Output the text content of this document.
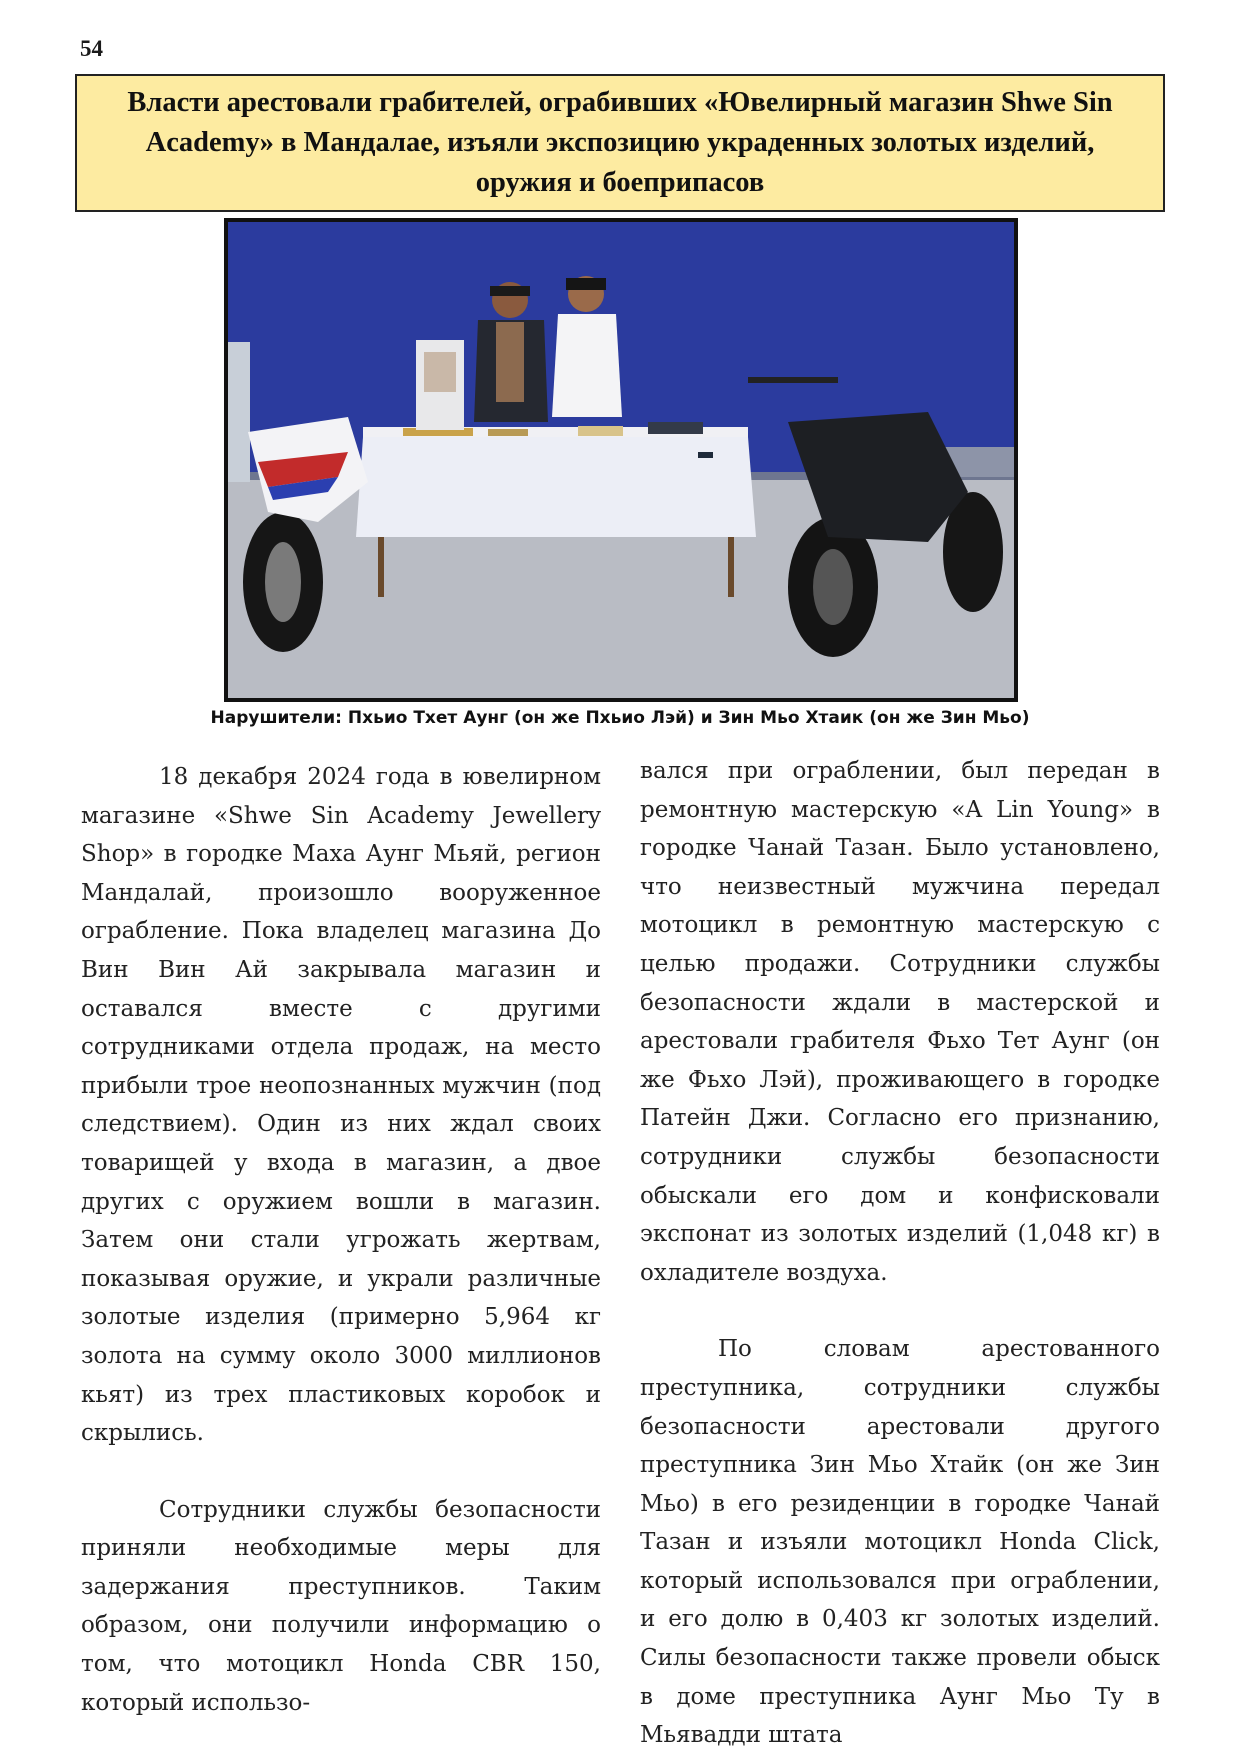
54
Власти арестовали грабителей, ограбивших «Ювелирный магазин Shwe Sin Academy» в Мандалае, изъяли экспозицию украденных золотых изделий, оружия и боеприпасов
Нарушители: Пхьио Тхет Аунг (он же Пхьио Лэй) и Зин Мьо Хтаик (он же Зин Мьо)

18 декабря 2024 года в ювелирном магазине «Shwe Sin Academy Jewellery Shop» в городке Маха Аунг Мьяй, регион Мандалай, произошло вооруженное ограбление. Пока владелец магазина До Вин Вин Ай закрывала магазин и оставался вместе с другими сотрудниками отдела продаж, на место прибыли трое неопознанных мужчин (под следствием). Один из них ждал своих товарищей у входа в магазин, а двое других с оружием вошли в магазин. Затем они стали угрожать жертвам, показывая оружие, и украли различные золотые изделия (примерно 5,964 кг золота на сумму около 3000 миллионов кьят) из трех пластиковых коробок и скрылись.

Сотрудники службы безопасности приняли необходимые меры для задержания преступников. Таким образом, они получили информацию о том, что мотоцикл Honda CBR 150, который использо-

вался при ограблении, был передан в ремонтную мастерскую «A Lin Young» в городке Чанай Тазан. Было установлено, что неизвестный мужчина передал мотоцикл в ремонтную мастерскую с целью продажи. Сотрудники службы безопасности ждали в мастерской и арестовали грабителя Фьхо Тет Аунг (он же Фьхо Лэй), проживающего в городке Патейн Джи. Согласно его признанию, сотрудники службы безопасности обыскали его дом и конфисковали экспонат из золотых изделий (1,048 кг) в охладителе воздуха.

По словам арестованного преступника, сотрудники службы безопасности арестовали другого преступника Зин Мьо Хтайк (он же Зин Мьо) в его резиденции в городке Чанай Тазан и изъяли мотоцикл Honda Click, который использовался при ограблении, и его долю в 0,403 кг золотых изделий. Силы безопасности также провели обыск в доме преступника Аунг Мьо Ту в Мьявадди штата
